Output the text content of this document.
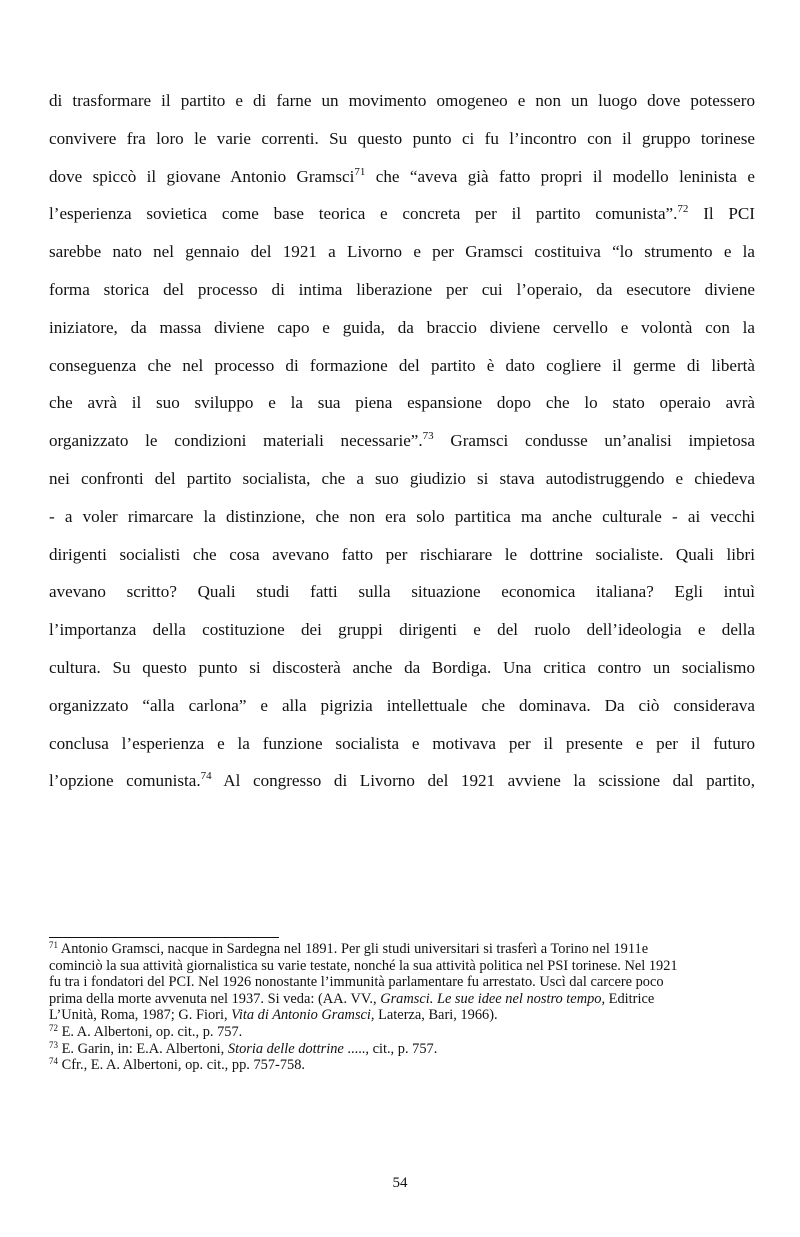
di trasformare il partito e di farne un movimento omogeneo e non un luogo dove potessero
convivere fra loro le varie correnti. Su questo punto ci fu l’incontro con il gruppo torinese
dove spiccò il giovane Antonio Gramsci$^{71}$ che “aveva già fatto propri il modello leninista e
l’esperienza sovietica come base teorica e concreta per il partito comunista”.$^{72}$ Il PCI
sarebbe nato nel gennaio del 1921 a Livorno e per Gramsci costituiva “lo strumento e la
forma storica del processo di intima liberazione per cui l’operaio, da esecutore diviene
iniziatore, da massa diviene capo e guida, da braccio diviene cervello e volontà con la
conseguenza che nel processo di formazione del partito è dato cogliere il germe di libertà
che avrà il suo sviluppo e la sua piena espansione dopo che lo stato operaio avrà
organizzato le condizioni materiali necessarie”.$^{73}$ Gramsci condusse un’analisi impietosa
nei confronti del partito socialista, che a suo giudizio si stava autodistruggendo e chiedeva
- a voler rimarcare la distinzione, che non era solo partitica ma anche culturale - ai vecchi
dirigenti socialisti che cosa avevano fatto per rischiarare le dottrine socialiste. Quali libri
avevano scritto? Quali studi fatti sulla situazione economica italiana? Egli intuì
l’importanza della costituzione dei gruppi dirigenti e del ruolo dell’ideologia e della
cultura. Su questo punto si discosterà anche da Bordiga. Una critica contro un socialismo
organizzato “alla carlona” e alla pigrizia intellettuale che dominava. Da ciò considerava
conclusa l’esperienza e la funzione socialista e motivava per il presente e per il futuro
l’opzione comunista.$^{74}$ Al congresso di Livorno del 1921 avviene la scissione dal partito,
$^{71}$ Antonio Gramsci, nacque in Sardegna nel 1891. Per gli studi universitari si trasferì a Torino nel 1911e
cominciò la sua attività giornalistica su varie testate, nonché la sua attività politica nel PSI torinese. Nel 1921
fu tra i fondatori del PCI. Nel 1926 nonostante l’immunità parlamentare fu arrestato. Uscì dal carcere poco
prima della morte avvenuta nel 1937. Si veda: (AA. VV., Gramsci. Le sue idee nel nostro tempo, Editrice
L’Unità, Roma, 1987; G. Fiori, Vita di Antonio Gramsci, Laterza, Bari, 1966).
$^{72}$ E. A. Albertoni, op. cit., p. 757.
$^{73}$ E. Garin, in: E.A. Albertoni, Storia delle dottrine ....., cit., p. 757.
$^{74}$ Cfr., E. A. Albertoni, op. cit., pp. 757-758.
54
